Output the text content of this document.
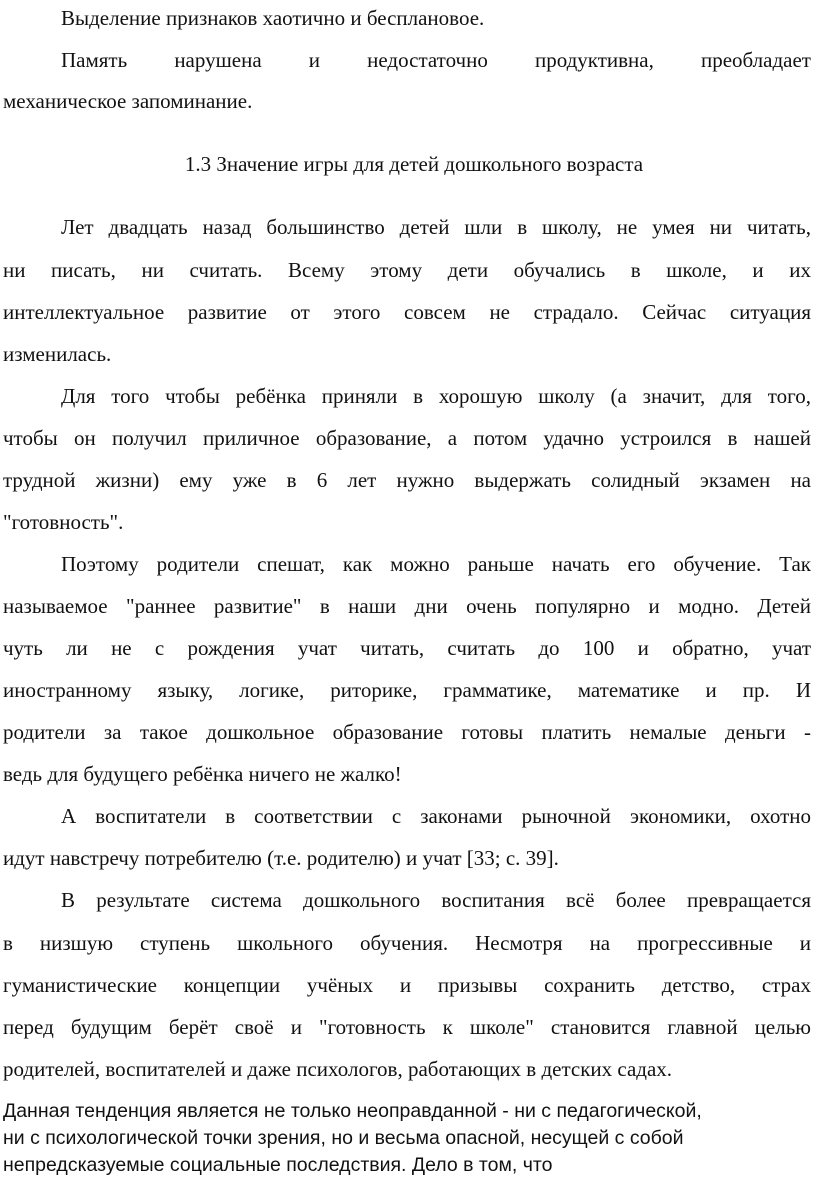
Выделение признаков хаотично и бесплановое.
Память нарушена и недостаточно продуктивна, преобладает
механическое запоминание.
1.3 Значение игры для детей дошкольного возраста
Лет двадцать назад большинство детей шли в школу, не умея ни читать,
ни писать, ни считать. Всему этому дети обучались в школе, и их
интеллектуальное развитие от этого совсем не страдало. Сейчас ситуация
изменилась.
Для того чтобы ребёнка приняли в хорошую школу (а значит, для того,
чтобы он получил приличное образование, а потом удачно устроился в нашей
трудной жизни) ему уже в 6 лет нужно выдержать солидный экзамен на
"готовность".
Поэтому родители спешат, как можно раньше начать его обучение. Так
называемое "раннее развитие" в наши дни очень популярно и модно. Детей
чуть ли не с рождения учат читать, считать до 100 и обратно, учат
иностранному языку, логике, риторике, грамматике, математике и пр. И
родители за такое дошкольное образование готовы платить немалые деньги -
ведь для будущего ребёнка ничего не жалко!
А воспитатели в соответствии с законами рыночной экономики, охотно
идут навстречу потребителю (т.е. родителю) и учат [33; с. 39].
В результате система дошкольного воспитания всё более превращается
в низшую ступень школьного обучения. Несмотря на прогрессивные и
гуманистические концепции учёных и призывы сохранить детство, страх
перед будущим берёт своё и "готовность к школе" становится главной целью
родителей, воспитателей и даже психологов, работающих в детских садах.
Данная тенденция является не только неоправданной - ни с педагогической,
ни с психологической точки зрения, но и весьма опасной, несущей с собой
непредсказуемые социальные последствия. Дело в том, что
